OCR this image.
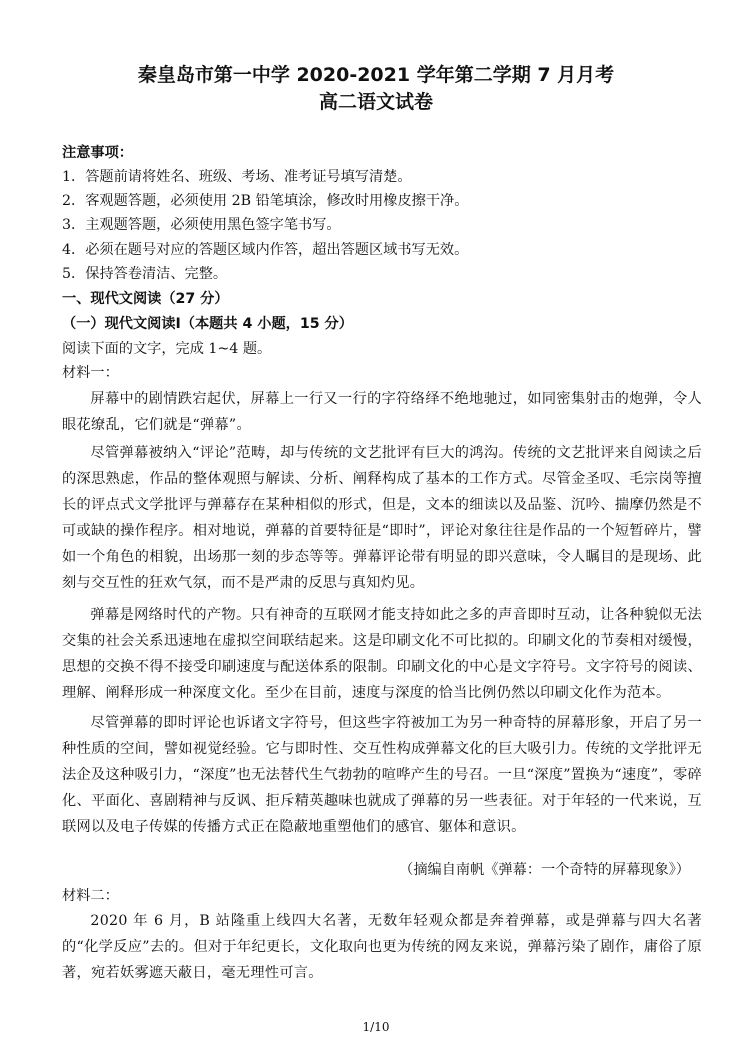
秦皇岛市第一中学 2020-2021 学年第二学期 7 月月考
高二语文试卷

注意事项：

1．答题前请将姓名、班级、考场、准考证号填写清楚。

2．客观题答题，必须使用 2B 铅笔填涂，修改时用橡皮擦干净。

3．主观题答题，必须使用黑色签字笔书写。

4．必须在题号对应的答题区域内作答，超出答题区域书写无效。

5．保持答卷清洁、完整。

一、现代文阅读（27 分）

（一）现代文阅读Ⅰ（本题共 4 小题，15 分）

阅读下面的文字，完成 1~4 题。

材料一：

屏幕中的剧情跌宕起伏，屏幕上一行又一行的字符络绎不绝地驰过，如同密集射击的炮弹，令人眼花缭乱，它们就是“弹幕”。

尽管弹幕被纳入“评论”范畴，却与传统的文艺批评有巨大的鸿沟。传统的文艺批评来自阅读之后的深思熟虑，作品的整体观照与解读、分析、阐释构成了基本的工作方式。尽管金圣叹、毛宗岗等擅长的评点式文学批评与弹幕存在某种相似的形式，但是，文本的细读以及品鉴、沉吟、揣摩仍然是不可或缺的操作程序。相对地说，弹幕的首要特征是“即时”，评论对象往往是作品的一个短暂碎片，譬如一个角色的相貌，出场那一刻的步态等等。弹幕评论带有明显的即兴意味，令人瞩目的是现场、此刻与交互性的狂欢气氛，而不是严肃的反思与真知灼见。

弹幕是网络时代的产物。只有神奇的互联网才能支持如此之多的声音即时互动，让各种貌似无法交集的社会关系迅速地在虚拟空间联结起来。这是印刷文化不可比拟的。印刷文化的节奏相对缓慢，思想的交换不得不接受印刷速度与配送体系的限制。印刷文化的中心是文字符号。文字符号的阅读、理解、阐释形成一种深度文化。至少在目前，速度与深度的恰当比例仍然以印刷文化作为范本。

尽管弹幕的即时评论也诉诸文字符号，但这些字符被加工为另一种奇特的屏幕形象，开启了另一种性质的空间，譬如视觉经验。它与即时性、交互性构成弹幕文化的巨大吸引力。传统的文学批评无法企及这种吸引力，“深度”也无法替代生气勃勃的喧哗产生的号召。一旦“深度”置换为“速度”，零碎化、平面化、喜剧精神与反讽、拒斥精英趣味也就成了弹幕的另一些表征。对于年轻的一代来说，互联网以及电子传媒的传播方式正在隐蔽地重塑他们的感官、躯体和意识。

（摘编自南帆《弹幕：一个奇特的屏幕现象》）

材料二：

2020 年 6 月，B 站隆重上线四大名著，无数年轻观众都是奔着弹幕，或是弹幕与四大名著的“化学反应”去的。但对于年纪更长，文化取向也更为传统的网友来说，弹幕污染了剧作，庸俗了原著，宛若妖雾遮天蔽日，毫无理性可言。

1/10
